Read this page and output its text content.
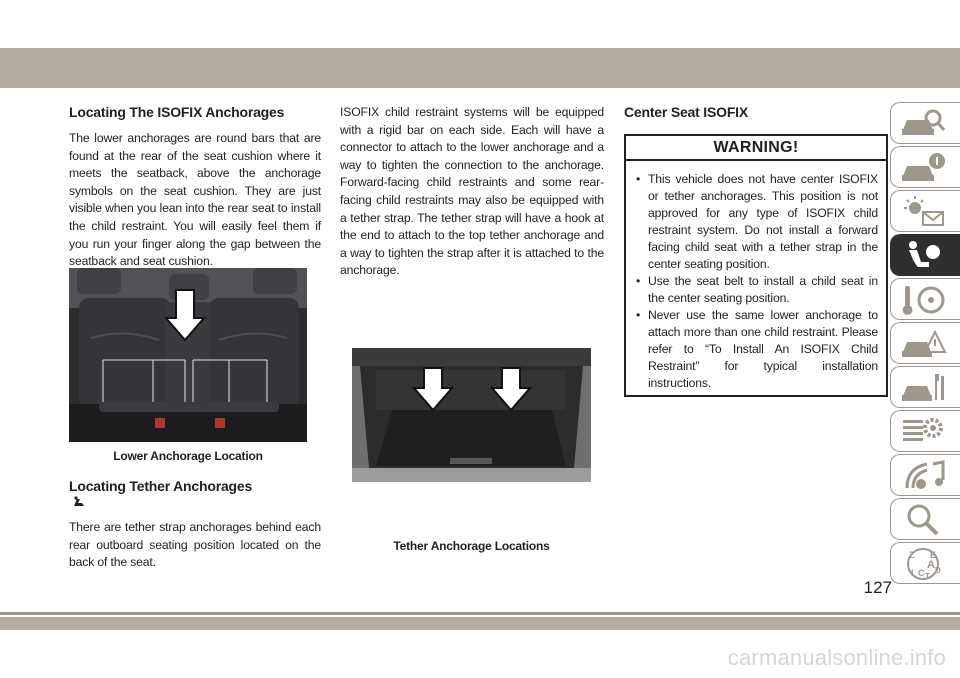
Locating The ISOFIX Anchorages

The lower anchorages are round bars that are found at the rear of the seat cushion where it meets the seatback, above the anchorage symbols on the seat cushion. They are just visible when you lean into the rear seat to install the child restraint. You will easily feel them if you run your finger along the gap between the seatback and seat cushion.

Lower Anchorage Location
Locating Tether Anchorages

There are tether strap anchorages behind each rear outboard seating position located on the back of the seat.

ISOFIX child restraint systems will be equipped with a rigid bar on each side. Each will have a connector to attach to the lower anchorage and a way to tighten the connection to the anchorage. Forward-facing child restraints and some rear-facing child restraints may also be equipped with a tether strap. The tether strap will have a hook at the end to attach to the top tether anchorage and a way to tighten the strap after it is attached to the anchorage.

Tether Anchorage Locations
Center Seat ISOFIX
WARNING!
• This vehicle does not have center ISOFIX or tether anchorages. This position is not approved for any type of ISOFIX child restraint system. Do not install a forward facing child seat with a tether strap in the center seating position.
• Use the seat belt to install a child seat in the center seating position.
• Never use the same lower anchorage to attach more than one child restraint. Please refer to “To Install An ISOFIX Child Restraint” for typical installation instructions.
Z E
A D
I C T
127
carmanualsonline.info
